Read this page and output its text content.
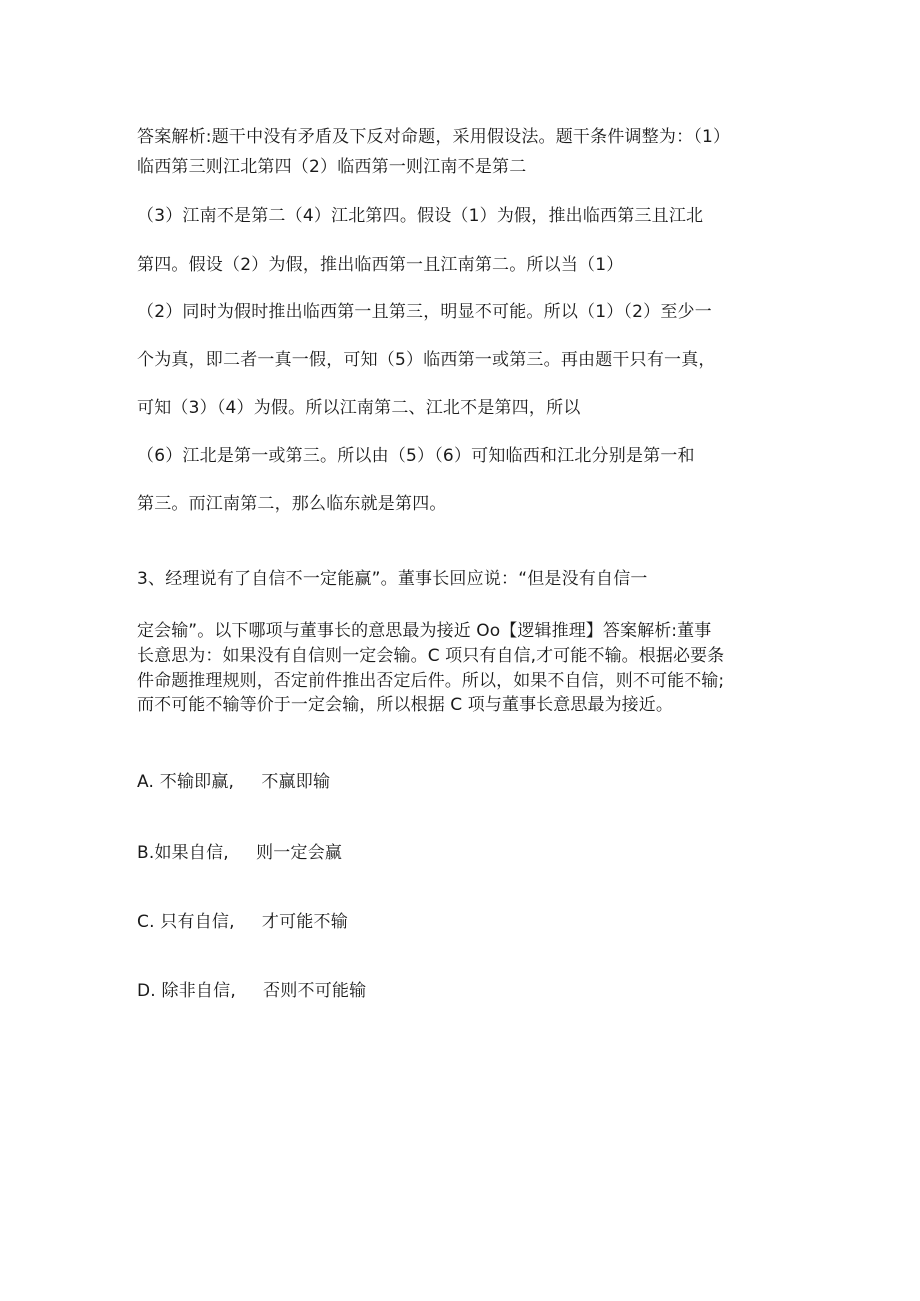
答案解析:题干中没有矛盾及下反对命题，采用假设法。题干条件调整为：（1）
临西第三则江北第四（2）临西第一则江南不是第二
（3）江南不是第二（4）江北第四。假设（1）为假，推出临西第三且江北
第四。假设（2）为假，推出临西第一且江南第二。所以当（1）
（2）同时为假时推出临西第一且第三，明显不可能。所以（1）（2）至少一
个为真，即二者一真一假，可知（5）临西第一或第三。再由题干只有一真，
可知（3）（4）为假。所以江南第二、江北不是第四，所以
（6）江北是第一或第三。所以由（5）（6）可知临西和江北分别是第一和
第三。而江南第二，那么临东就是第四。
3、经理说有了自信不一定能赢”。董事长回应说：“但是没有自信一
定会输”。以下哪项与董事长的意思最为接近 Oo【逻辑推理】答案解析:董事
长意思为：如果没有自信则一定会输。C 项只有自信,才可能不输。根据必要条
件命题推理规则，否定前件推出否定后件。所以，如果不自信，则不可能不输;
而不可能不输等价于一定会输，所以根据 C 项与董事长意思最为接近。
A. 不输即赢, 不赢即输
B.如果自信, 则一定会赢
C. 只有自信, 才可能不输
D. 除非自信, 否则不可能输
